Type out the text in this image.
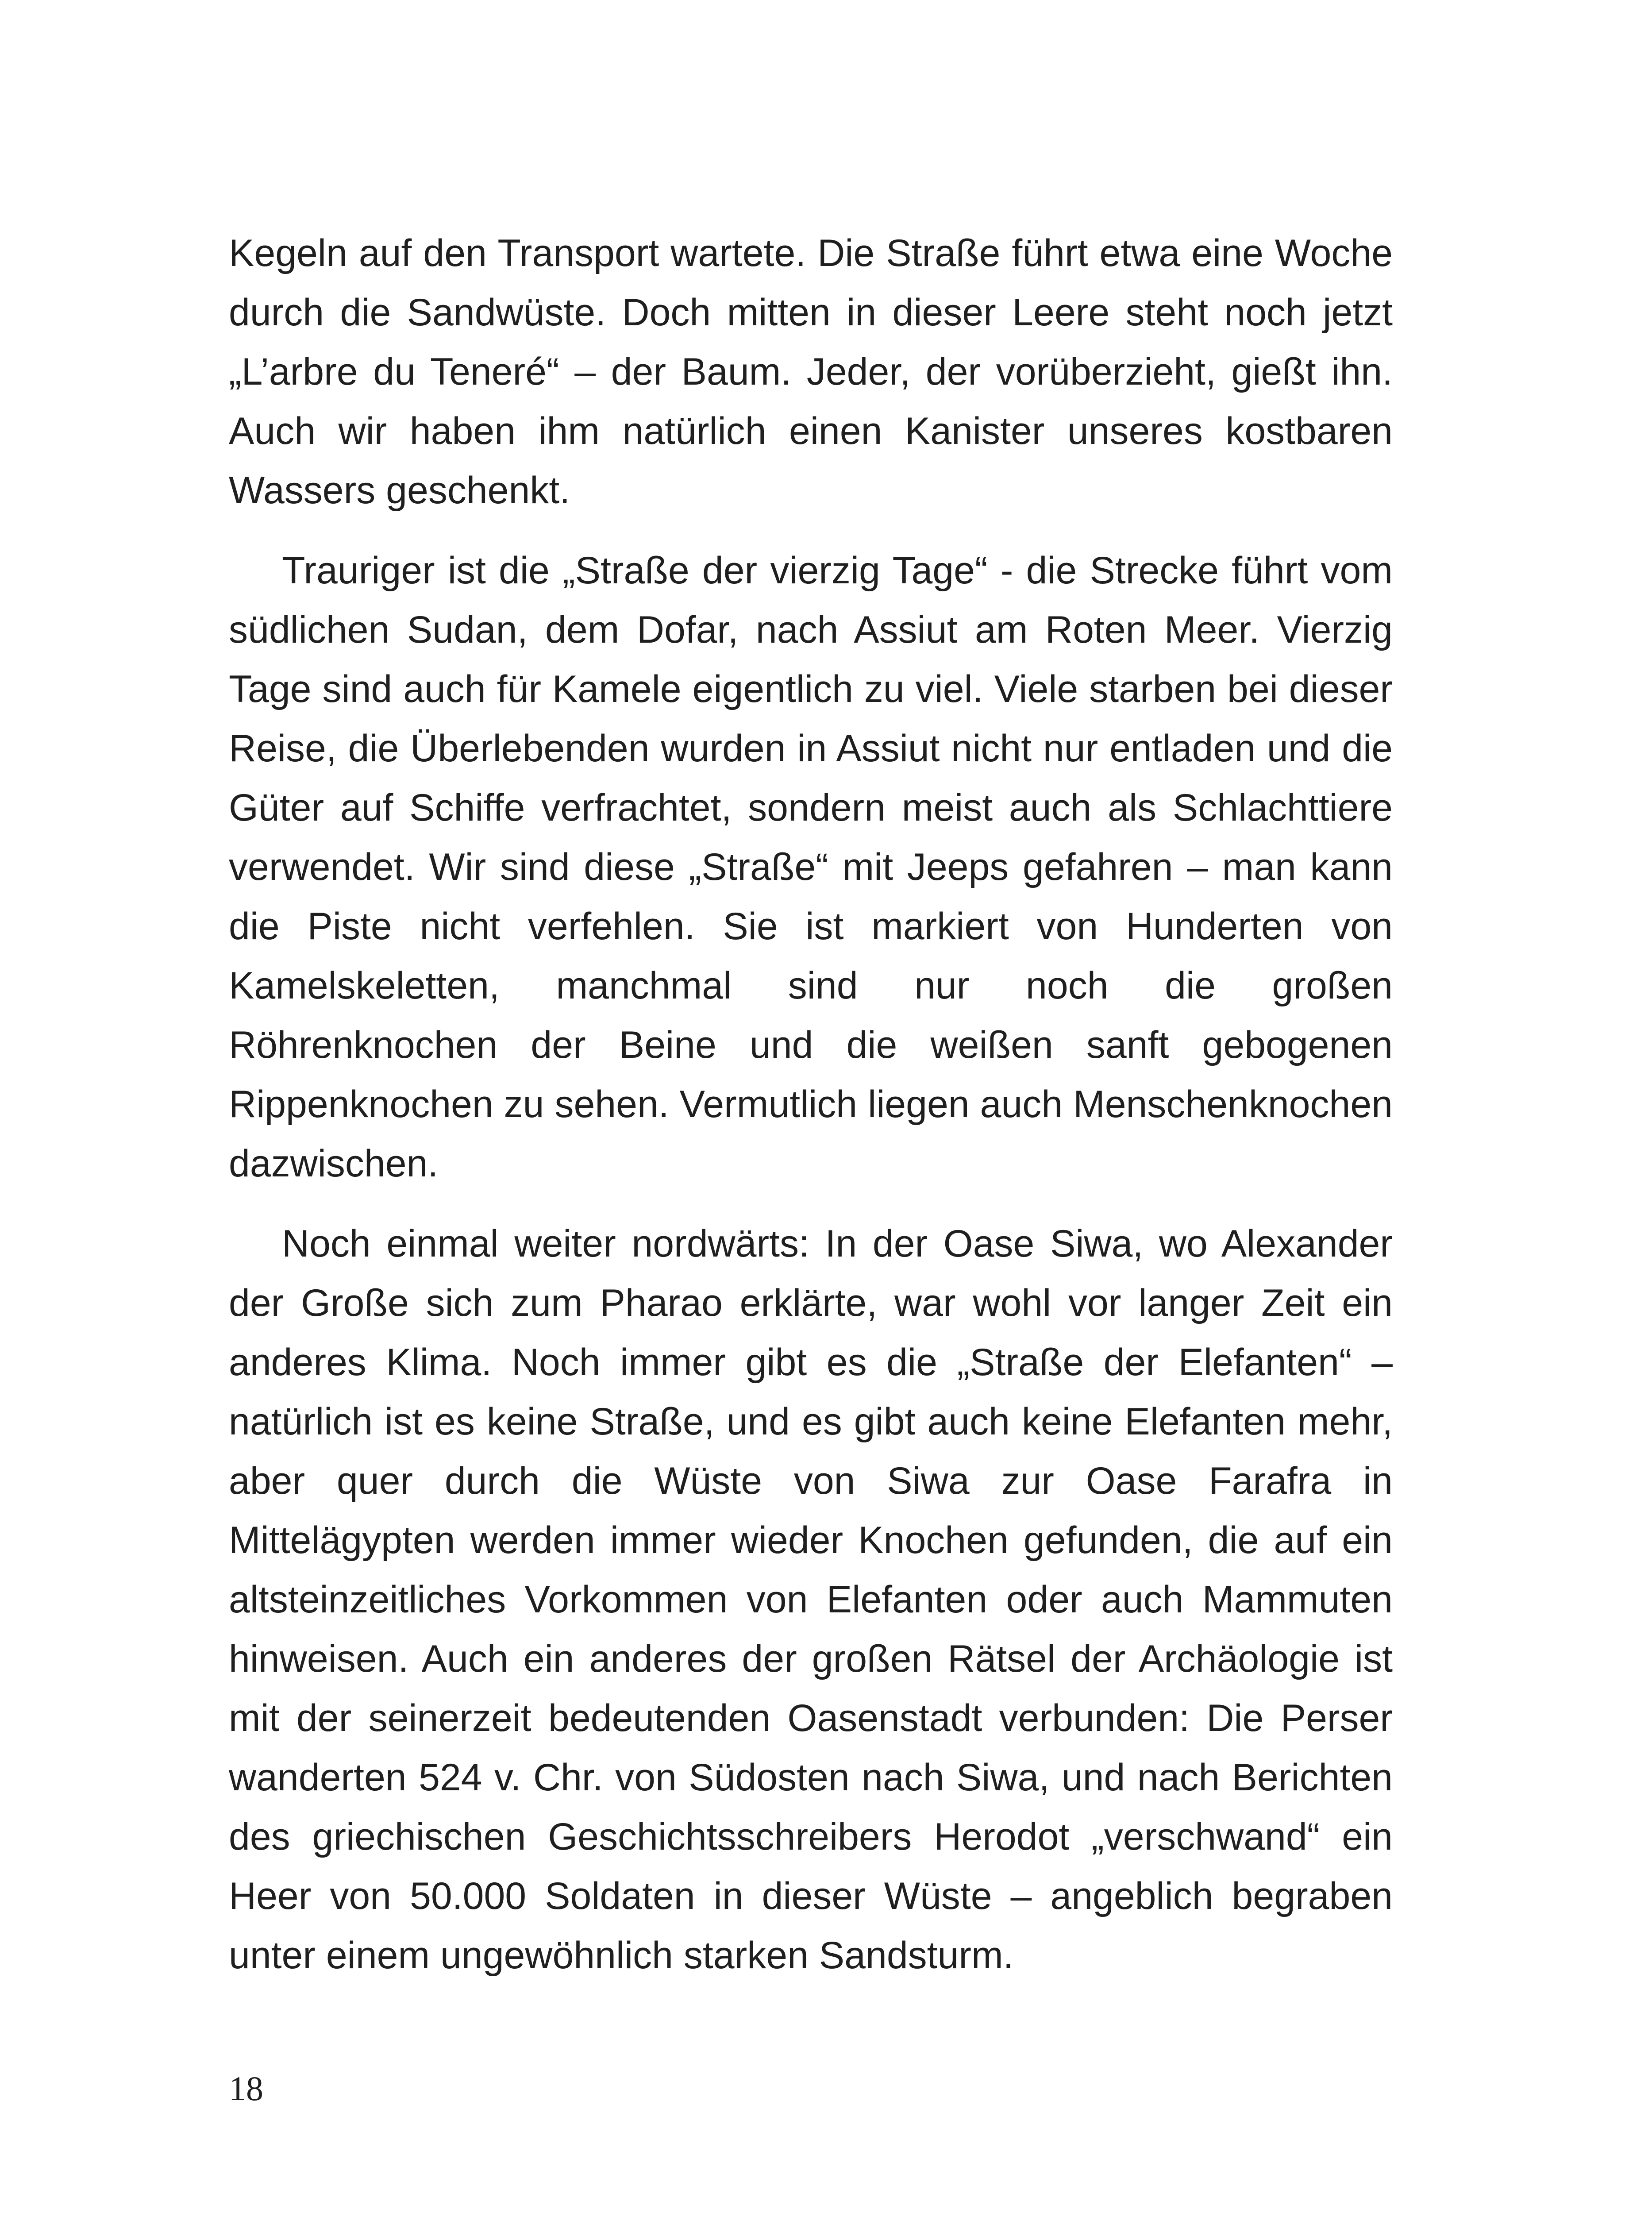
Kegeln auf den Transport wartete. Die Straße führt etwa eine Woche durch die Sandwüste. Doch mitten in dieser Leere steht noch jetzt „L’arbre du Teneré“ – der Baum. Jeder, der vorüberzieht, gießt ihn. Auch wir haben ihm natürlich einen Kanister unseres kostbaren Wassers geschenkt.

Trauriger ist die „Straße der vierzig Tage“ - die Strecke führt vom südlichen Sudan, dem Dofar, nach Assiut am Roten Meer. Vierzig Tage sind auch für Kamele eigentlich zu viel. Viele starben bei dieser Reise, die Überlebenden wurden in Assiut nicht nur entladen und die Güter auf Schiffe verfrachtet, sondern meist auch als Schlachttiere verwendet. Wir sind diese „Straße“ mit Jeeps gefahren – man kann die Piste nicht verfehlen. Sie ist markiert von Hunderten von Kamelskeletten, manchmal sind nur noch die großen Röhrenknochen der Beine und die weißen sanft gebogenen Rippenknochen zu sehen. Vermutlich liegen auch Menschenknochen dazwischen.

Noch einmal weiter nordwärts: In der Oase Siwa, wo Alexander der Große sich zum Pharao erklärte, war wohl vor langer Zeit ein anderes Klima. Noch immer gibt es die „Straße der Elefanten“ – natürlich ist es keine Straße, und es gibt auch keine Elefanten mehr, aber quer durch die Wüste von Siwa zur Oase Farafra in Mittelägypten werden immer wieder Knochen gefunden, die auf ein altsteinzeitliches Vorkommen von Elefanten oder auch Mammuten hinweisen. Auch ein anderes der großen Rätsel der Archäologie ist mit der seinerzeit bedeutenden Oasenstadt verbunden: Die Perser wanderten 524 v. Chr. von Südosten nach Siwa, und nach Berichten des griechischen Geschichtsschreibers Herodot „verschwand“ ein Heer von 50.000 Soldaten in dieser Wüste – angeblich begraben unter einem ungewöhnlich starken Sandsturm.

18
